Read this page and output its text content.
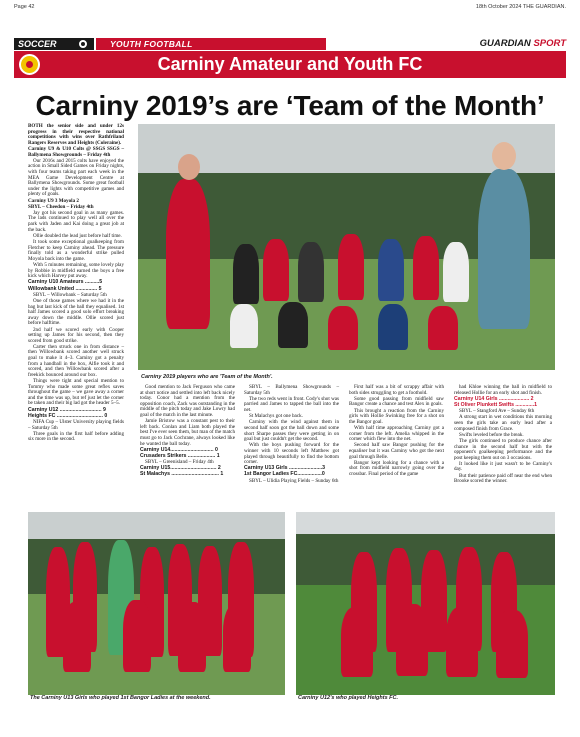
Page 42	18th October 2024 THE GUARDIAN.
SOCCER	YOUTH FOOTBALL	GUARDIAN SPORT
Carniny Amateur and Youth FC
Carniny 2019’s are ‘Team of the Month’

BOTH the senior side and under 12s progress in their respective national competitions with wins over Rathfriland Rangers Reserves and Heights (Coleraine).

Carniny U9 & U10 Colts @ SSGS SSGS – Ballymena Showgrounds – Friday 4th

Our 2016s and 2015 colts have enjoyed the action in Small Sided Games on Friday nights, with four teams taking part each week in the MEA Game Development Centre at Ballymena Showgrounds. Some great football under the lights with competitive games and plenty of goals.

Carniny U9 3 Moyola 2

SBYL – Cheedon – Friday 4th

Jay got his second goal in as many games. The lads continued to play well all over the park with Jaden and Kai doing a great job at the back.

Ollie doubled the lead just before half time.

It took some exceptional goalkeeping from Fletcher to keep Carniny ahead. The pressure finally told as a wonderful strike pulled Moyola back into the game.

With 5 minutes remaining, some lovely play by Robbie in midfield earned the boys a free kick which Harvey put away.

Carniny U10 Amateurs ..........5

Willowbank United ............... 5

SBYL – Willowbank – Saturday 5th

One of those games where we had it in the bag but last kick of the ball they equalised. 1st half James scored a good solo effort breaking away down the middle. Ollie scored just before halftime.

2nd half we scored early with Cooper setting up James for his second, then they scored from good strike.

Carter then struck one in from distance – then Willowbank scored another well struck goal to make it 4–3. Carniny got a penalty from a handball in the box, Alfie took it and scored, and then Willowbank scored after a freekick bounced around our box.

Things were tight and special mention to Tommy who made some great reflex saves throughout the game – we gave away a corner and the time was up, but ref just let the corner be taken and their big lad got the header 5–5.

Carniny U12 ............................. 9

Heights FC ................................ 0

NIFA Cup – Ulster University playing fields – Saturday 5th

Three goals in the first half before adding six more in the second.

Carniny 2019 players who are 'Team of the Month'.

Good mention to Jack Ferguson who came at short notice and settled into left back nicely today. Conor had a mention from the opposition coach, Zack was outstanding in the middle of the pitch today and Jake Lowry had goal of the match in the last minute.

Jamie Bristow was a constant pest to their left back. Conlan and Liam both played the best I've ever seen them, but man of the match must go to Jack Cochrane, always looked like he wanted the ball today.

Carniny U14.............................. 0

Crusaders Strikers ................... 1

SBYL – Greenisland – Friday 4th

Carniny U15................................ 2

St Malachys ................................. 1

SBYL – Ballymena Showgrounds – Saturday 5th

The two reds went in front. Cody's shot was parried and James to tapped the ball into the net.

St Malachys got one back.

Carniny with the wind against them in second half soon got the ball down and some short Sharpe passes they were getting in on goal but just couldn't get the second.

With the boys pushing forward for the winner with 10 seconds left Matthew got played through beautifully to find the bottom corner.

Carniny U13 Girls .......................3

1st Bangor Ladies FC.................0

SBYL – Ulidia Playing Fields – Sunday 6th

First half was a bit of scrappy affair with both sides struggling to get a foothold.

Some good passing from midfield saw Bangor create a chance and test Alex in goals.

This brought a reaction from the Carniny girls with Hollie Swinking free for a shot on the Bangor goal.

With half time approaching Carniny got a corner from the left. Amelia whipped in the corner which flew into the net.

Second half saw Bangor pushing for the equaliser but it was Carniny who got the next goal through Belle.

Bangor kept looking for a chance with a shot from midfield narrowly going over the crossbar. Final period of the game

had Khloe winning the ball in midfield to released Hollie for an early shot and finish.

Carniny U14 Girls ..................... 2

St Oliver Plunkett Swifts .............1

SBYL – Stangford Ave – Sunday 6th

A strong start in wet conditions this morning seen the girls take an early lead after a composed finish from Grace.

Swifts leveled before the break.

The girls continued to produce chance after chance in the second half but with the opponent's goalkeeping performance and the post keeping them out on 3 occasions.

It looked like it just wasn't to be Carniny's day.

But their patience paid off near the end when Brooke scored the winner.

The Carniny U13 Girls who played 1st Bangor Ladies at the weekend.	Carniny U12's who played Heights FC.
